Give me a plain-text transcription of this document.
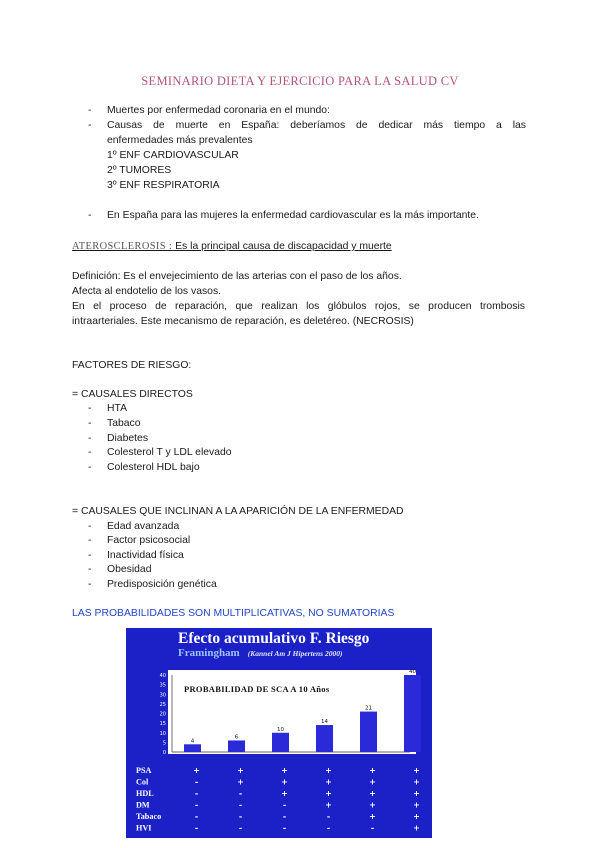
SEMINARIO DIETA Y EJERCICIO PARA LA SALUD CV
- Muertes por enfermedad coronaria en el mundo:
- Causas de muerte en España: deberíamos de dedicar más tiempo a las
enfermedades más prevalentes
1º ENF CARDIOVASCULAR
2º TUMORES
3º ENF RESPIRATORIA
- En España para las mujeres la enfermedad cardiovascular es la más importante.
ATEROSCLEROSIS : Es la principal causa de discapacidad y muerte
Definición: Es el envejecimiento de las arterias con el paso de los años.
Afecta al endotelio de los vasos.
En el proceso de reparación, que realizan los glóbulos rojos, se producen trombosis
intraarteriales. Este mecanismo de reparación, es deletéreo. (NECROSIS)
FACTORES DE RIESGO:
= CAUSALES DIRECTOS
- HTA
- Tabaco
- Diabetes
- Colesterol T y LDL elevado
- Colesterol HDL bajo
= CAUSALES QUE INCLINAN A LA APARICIÓN DE LA ENFERMEDAD
- Edad avanzada
- Factor psicosocial
- Inactividad física
- Obesidad
- Predisposición genética
LAS PROBABILIDADES SON MULTIPLICATIVAS, NO SUMATORIAS
0
5
10
15
20
25
30
35
40
4
6
10
14
21
40
PSA	+	+	+	+	+	+
Col	-	+	+	+	+	+
HDL	-	-	+	+	+	+
DM	-	-	-	+	+	+
Tabaco	-	-	-	-	+	+
HVI	-	-	-	-	-	+
Efecto acumulativo F. Riesgo
Framingham (Kannel Am J Hipertens 2000)
PROBABILIDAD DE SCA A 10 Años
